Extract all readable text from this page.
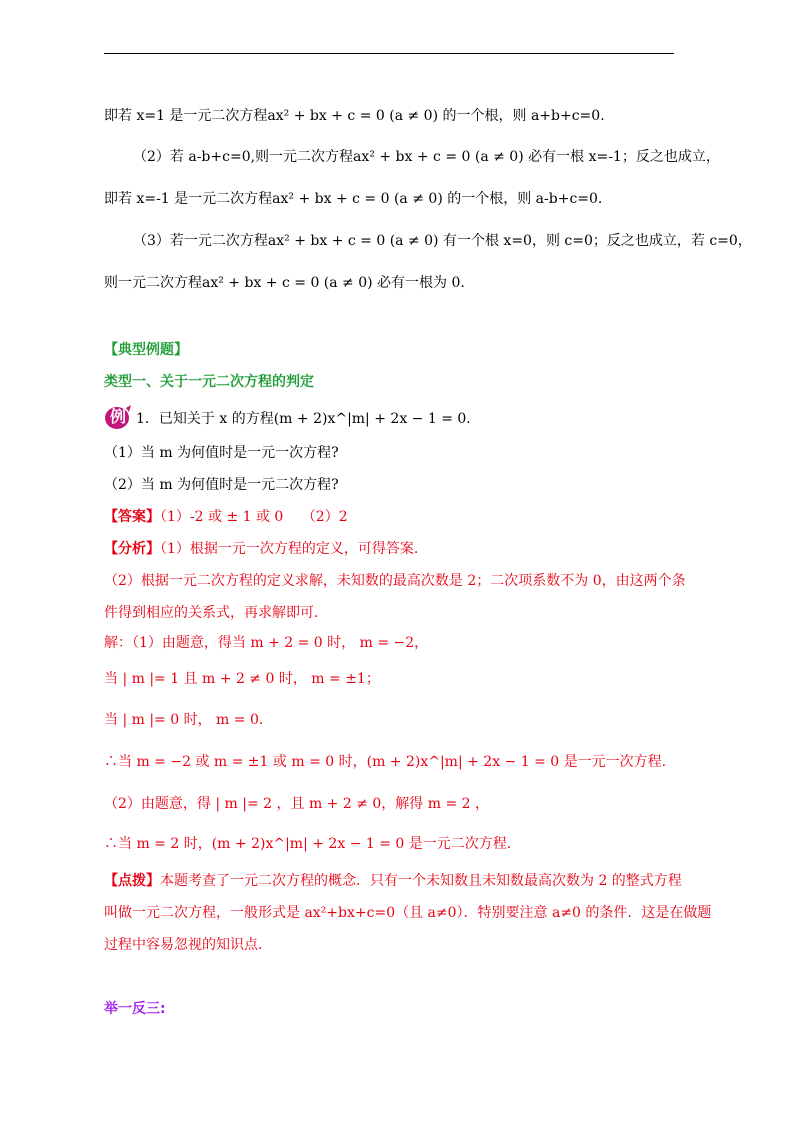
即若 x=1 是一元二次方程ax² + bx + c = 0 (a ≠ 0) 的一个根，则 a+b+c=0.
（2）若 a-b+c=0,则一元二次方程ax² + bx + c = 0 (a ≠ 0) 必有一根 x=-1；反之也成立，
即若 x=-1 是一元二次方程ax² + bx + c = 0 (a ≠ 0) 的一个根，则 a-b+c=0.
（3）若一元二次方程ax² + bx + c = 0 (a ≠ 0) 有一个根 x=0，则 c=0；反之也成立，若 c=0，
则一元二次方程ax² + bx + c = 0 (a ≠ 0) 必有一根为 0.
【典型例题】
类型一、关于一元二次方程的判定
例 1．已知关于 x 的方程(m + 2)x^|m| + 2x − 1 = 0．
（1）当 m 为何值时是一元一次方程?
（2）当 m 为何值时是一元二次方程?
【答案】（1）-2 或 ± 1 或 0　 （2）2
【分析】（1）根据一元一次方程的定义，可得答案.
（2）根据一元二次方程的定义求解，未知数的最高次数是 2；二次项系数不为 0，由这两个条
件得到相应的关系式，再求解即可.
解：（1）由题意，得当 m + 2 = 0 时， m = −2，
当 | m |= 1 且 m + 2 ≠ 0 时， m = ±1；
当 | m |= 0 时， m = 0．
∴当 m = −2 或 m = ±1 或 m = 0 时，(m + 2)x^|m| + 2x − 1 = 0 是一元一次方程.
（2）由题意，得 | m |= 2 ，且 m + 2 ≠ 0，解得 m = 2 ，
∴当 m = 2 时，(m + 2)x^|m| + 2x − 1 = 0 是一元二次方程.
【点拨】本题考查了一元二次方程的概念．只有一个未知数且未知数最高次数为 2 的整式方程
叫做一元二次方程，一般形式是 ax²+bx+c=0（且 a≠0）．特别要注意 a≠0 的条件．这是在做题
过程中容易忽视的知识点.
举一反三:
